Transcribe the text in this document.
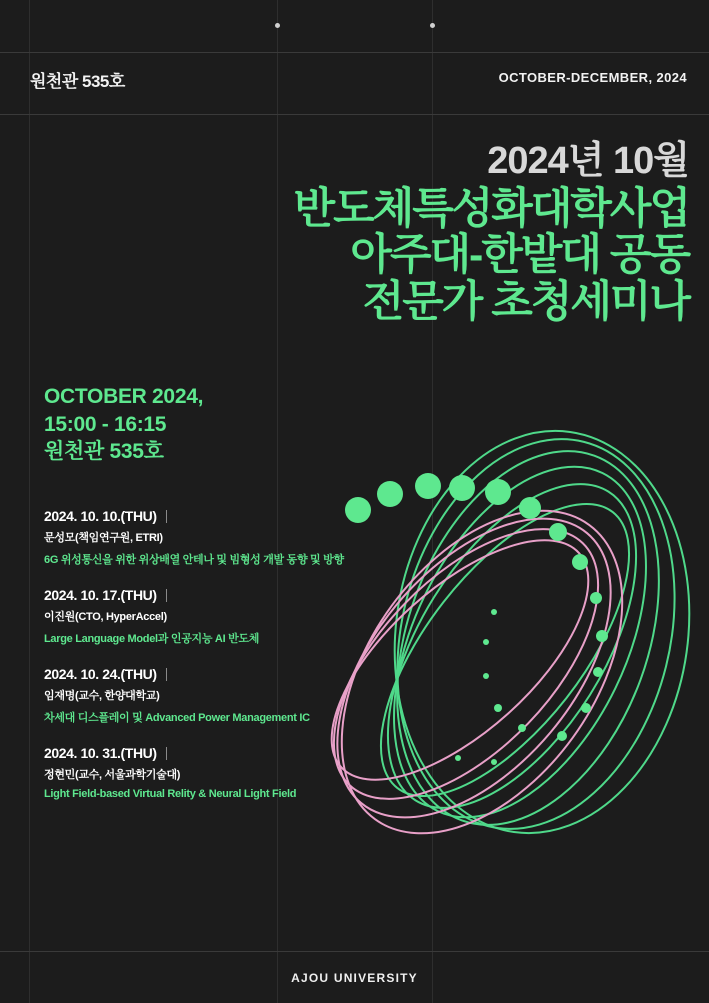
원천관 535호	OCTOBER-DECEMBER, 2024
2024년 10월
반도체특성화대학사업
아주대-한밭대 공동
전문가 초청세미나
OCTOBER 2024,
15:00 - 16:15
원천관 535호
2024. 10. 10.(THU)
문성모(책임연구원, ETRI)
6G 위성통신을 위한 위상배열 안테나 및 빔형성 개발 동향 및 방향
2024. 10. 17.(THU)
이진원(CTO, HyperAccel)
Large Language Model과 인공지능 AI 반도체
2024. 10. 24.(THU)
임재명(교수, 한양대학교)
차세대 디스플레이 및 Advanced Power Management IC
2024. 10. 31.(THU)
정현민(교수, 서울과학기술대)
Light Field-based Virtual Relity & Neural Light Field
AJOU UNIVERSITY
